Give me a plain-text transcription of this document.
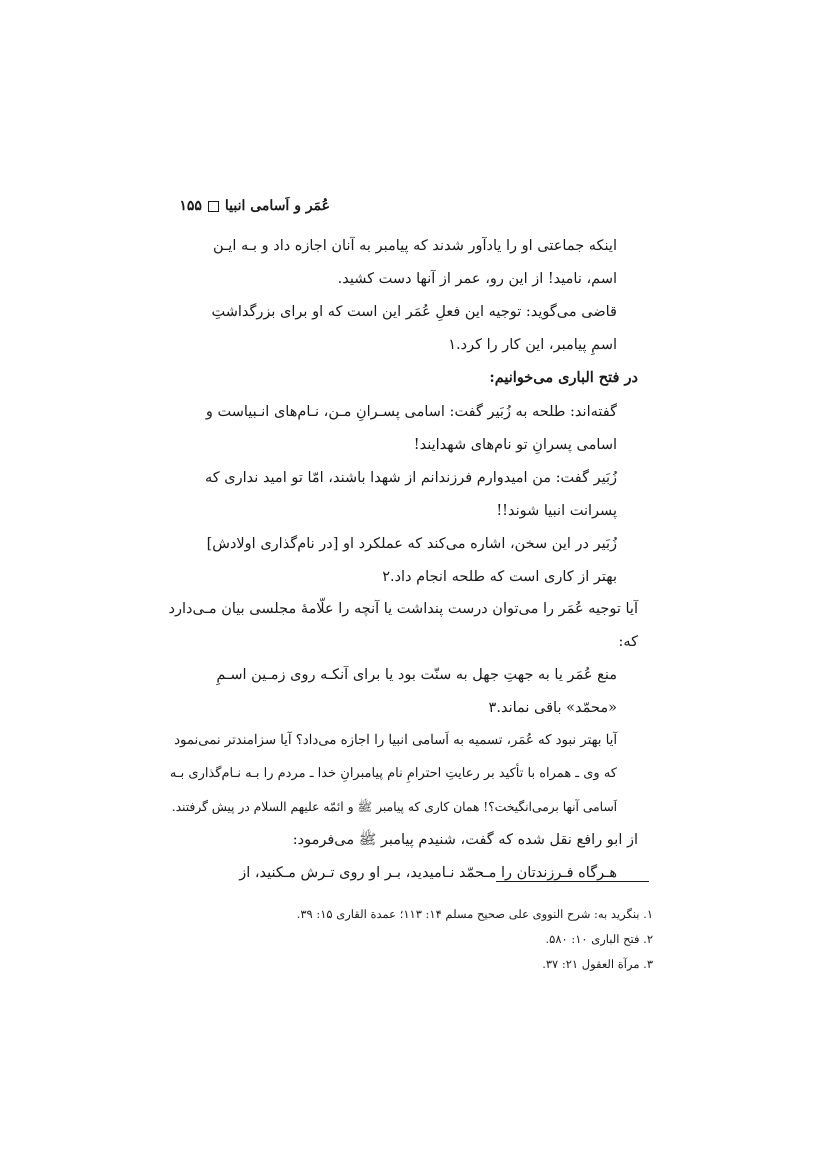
عُمَر و اَسامی انبیا۱۵۵
اینکه جماعتی او را یادآور شدند که پیامبر به آنان اجازه داد و بـه ایـن
اسم، نامید! از این رو، عمر از آنها دست کشید.
قاضی می‌گوید: توجیه این فعلِ عُمَر این است که او برای بزرگداشتِ
اسمِ پیامبر، این کار را کرد.۱
در فتح الباری می‌خوانیم:
گفته‌اند: طلحه به زُبَیر گفت: اسامی پسـرانِ مـن، نـام‌های انـبیاست و
اسامی پسرانِ تو نام‌های شهدایند!
زُبَیر گفت: من امیدوارم فرزندانم از شهدا باشند، امّا تو امید نداری که
پسرانت انبیا شوند!!
زُبَیر در این سخن، اشاره می‌کند که عملکرد او [در نام‌گذاری اولادش]
بهتر از کاری است که طلحه انجام داد.۲
آیا توجیه عُمَر را می‌توان درست پنداشت یا آنچه را علّامهٔ مجلسی بیان مـی‌دارد
که:
منع عُمَر یا به جهتِ جهل به سنّت بود یا برای آنکـه روی زمـین اسـمِ
«محمّد» باقی نماند.۳
آیا بهتر نبود که عُمَر، تسمیه به اَسامی انبیا را اجازه می‌داد؟ آیا سزامندتر نمی‌نمود
که وی ـ همراه با تأکید بر رعایتِ احترامِ نام پیامبرانِ خدا ـ مردم را بـه نـام‌گذاری بـه
اَسامی آنها برمی‌انگیخت؟! همان کاری که پیامبر ﷺ و ائمّه علیهم السلام در پیش گرفتند.
از ابو رافع نقل شده که گفت، شنیدم پیامبر ﷺ می‌فرمود:
هـرگاه فـرزندتان را مـحمّد نـامیدید، بـر او روی تـرش مـکنید، از
۱. بنگرید به: شرح النووی علی صحیح مسلم ۱۴: ۱۱۳؛ عمدة القاری ۱۵: ۳۹.
۲. فتح الباری ۱۰: ۵۸۰.
۳. مرآة العقول ۲۱: ۳۷.
